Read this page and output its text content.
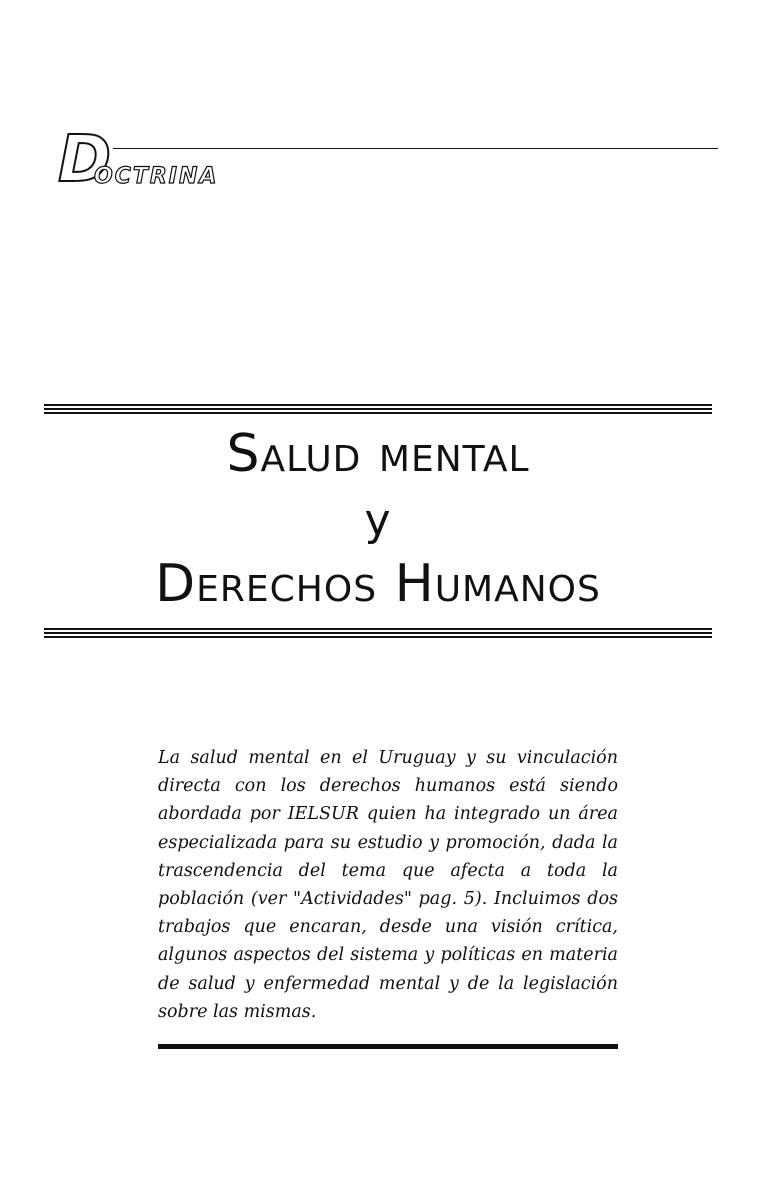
D
OCTRINA
Salud mental
y
Derechos Humanos

La salud mental en el Uruguay y su vinculación directa con los derechos humanos está siendo abordada por IELSUR quien ha integrado un área especializada para su estudio y promoción, dada la trascendencia del tema que afecta a toda la población (ver "Actividades" pag. 5). Incluimos dos trabajos que encaran, desde una visión crítica, algunos aspectos del sistema y políticas en materia de salud y enfermedad mental y de la legislación sobre las mismas.
